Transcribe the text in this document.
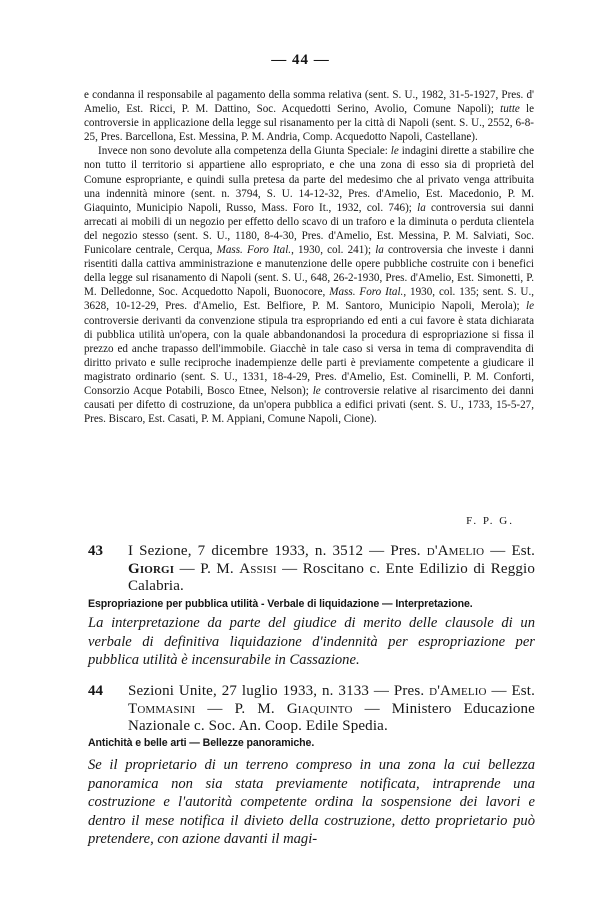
— 44 —

e condanna il responsabile al pagamento della somma relativa (sent. S. U., 1982, 31-5-1927, Pres. d' Amelio, Est. Ricci, P. M. Dattino, Soc. Acquedotti Serino, Avolio, Comune Napoli); tutte le controversie in applicazione della legge sul risanamento per la città di Napoli (sent. S. U., 2552, 6-8-25, Pres. Barcellona, Est. Messina, P. M. Andria, Comp. Acquedotto Napoli, Castellane).

Invece non sono devolute alla competenza della Giunta Speciale: le indagini dirette a stabilire che non tutto il territorio si appartiene allo espropriato, e che una zona di esso sia di proprietà del Comune espropriante, e quindi sulla pretesa da parte del medesimo che al privato venga attribuita una indennità minore (sent. n. 3794, S. U. 14-12-32, Pres. d'Amelio, Est. Macedonio, P. M. Giaquinto, Municipio Napoli, Russo, Mass. Foro It., 1932, col. 746); la controversia sui danni arrecati ai mobili di un negozio per effetto dello scavo di un traforo e la diminuta o perduta clientela del negozio stesso (sent. S. U., 1180, 8-4-30, Pres. d'Amelio, Est. Messina, P. M. Salviati, Soc. Funicolare centrale, Cerqua, Mass. Foro Ital., 1930, col. 241); la controversia che investe i danni risentiti dalla cattiva amministrazione e manutenzione delle opere pubbliche costruite con i benefici della legge sul risanamento di Napoli (sent. S. U., 648, 26-2-1930, Pres. d'Amelio, Est. Simonetti, P. M. Delledonne, Soc. Acquedotto Napoli, Buonocore, Mass. Foro Ital., 1930, col. 135; sent. S. U., 3628, 10-12-29, Pres. d'Amelio, Est. Belfiore, P. M. Santoro, Municipio Napoli, Merola); le controversie derivanti da convenzione stipula tra espropriando ed enti a cui favore è stata dichiarata di pubblica utilità un'opera, con la quale abbandonandosi la procedura di espropriazione si fissa il prezzo ed anche trapasso dell'immobile. Giacchè in tale caso si versa in tema di compravendita di diritto privato e sulle reciproche inadempienze delle parti è previamente competente a giudicare il magistrato ordinario (sent. S. U., 1331, 18-4-29, Pres. d'Amelio, Est. Cominelli, P. M. Conforti, Consorzio Acque Potabili, Bosco Etnee, Nelson); le controversie relative al risarcimento dei danni causati per difetto di costruzione, da un'opera pubblica a edifici privati (sent. S. U., 1733, 15-5-27, Pres. Biscaro, Est. Casati, P. M. Appiani, Comune Napoli, Cione).

F. P. G.
43 I Sezione, 7 dicembre 1933, n. 3512 — Pres. d'Amelio — Est. Giorgi — P. M. Assisi — Roscitano c. Ente Edilizio di Reggio Calabria.
Espropriazione per pubblica utilità - Verbale di liquidazione — Interpretazione.
La interpretazione da parte del giudice di merito delle clausole di un verbale di definitiva liquidazione d'indennità per espropriazione per pubblica utilità è incensurabile in Cassazione.
44 Sezioni Unite, 27 luglio 1933, n. 3133 — Pres. d'Amelio — Est. Tommasini — P. M. Giaquinto — Ministero Educazione Nazionale c. Soc. An. Coop. Edile Spedia.
Antichità e belle arti — Bellezze panoramiche.
Se il proprietario di un terreno compreso in una zona la cui bellezza panoramica non sia stata previamente notificata, intraprende una costruzione e l'autorità competente ordina la sospensione dei lavori e dentro il mese notifica il divieto della costruzione, detto proprietario può pretendere, con azione davanti il magi-
